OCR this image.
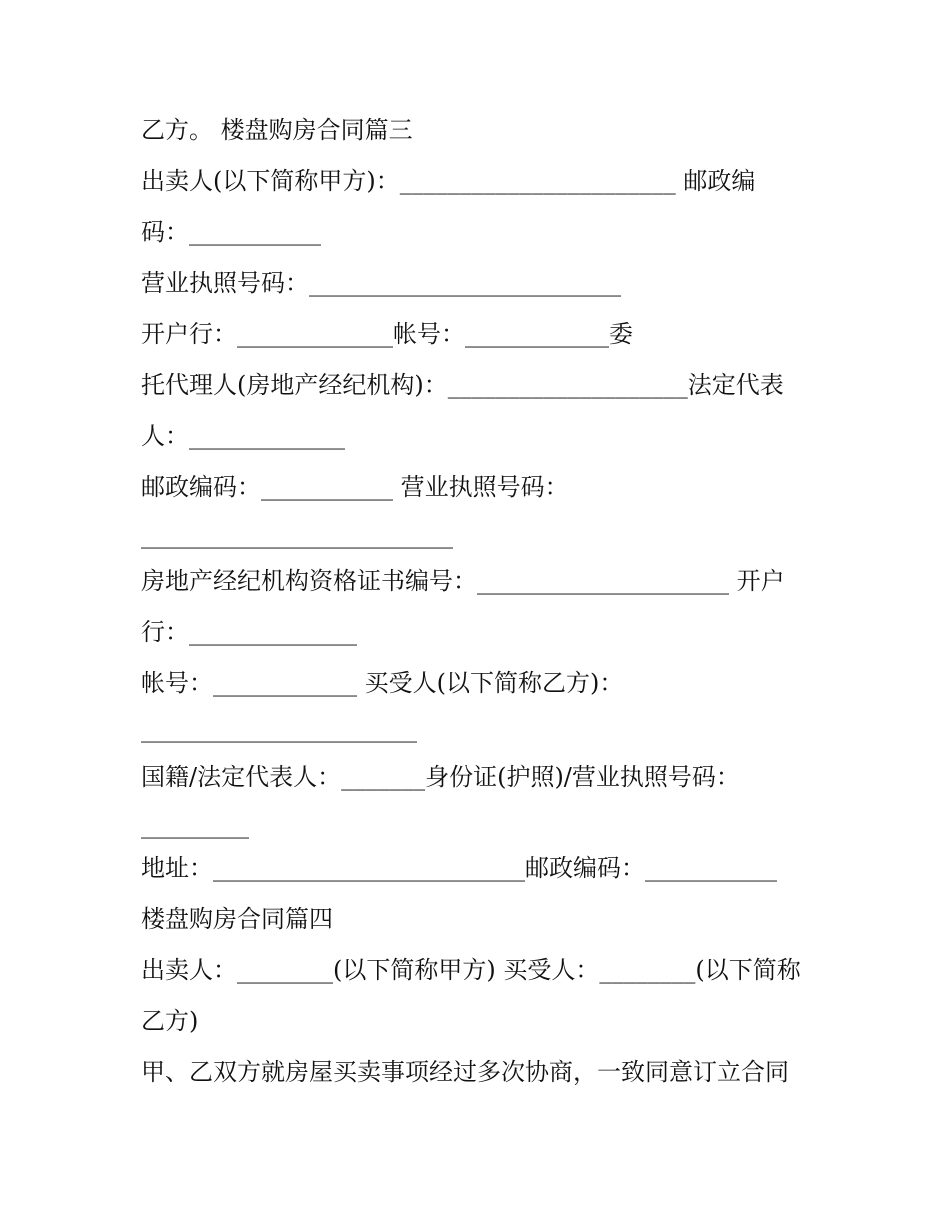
乙方。 楼盘购房合同篇三
出卖人(以下简称甲方)：_______________________ 邮政编
码：___________
营业执照号码：__________________________
开户行：_____________帐号：____________委
托代理人(房地产经纪机构)：____________________法定代表
人：_____________
邮政编码：___________ 营业执照号码：
__________________________
房地产经纪机构资格证书编号：_____________________ 开户
行：______________
帐号：____________ 买受人(以下简称乙方)：
_______________________
国籍/法定代表人：_______身份证(护照)/营业执照号码：
_________
地址：__________________________邮政编码：___________
楼盘购房合同篇四
出卖人：________(以下简称甲方) 买受人：________(以下简称
乙方)
甲、乙双方就房屋买卖事项经过多次协商，一致同意订立合同
